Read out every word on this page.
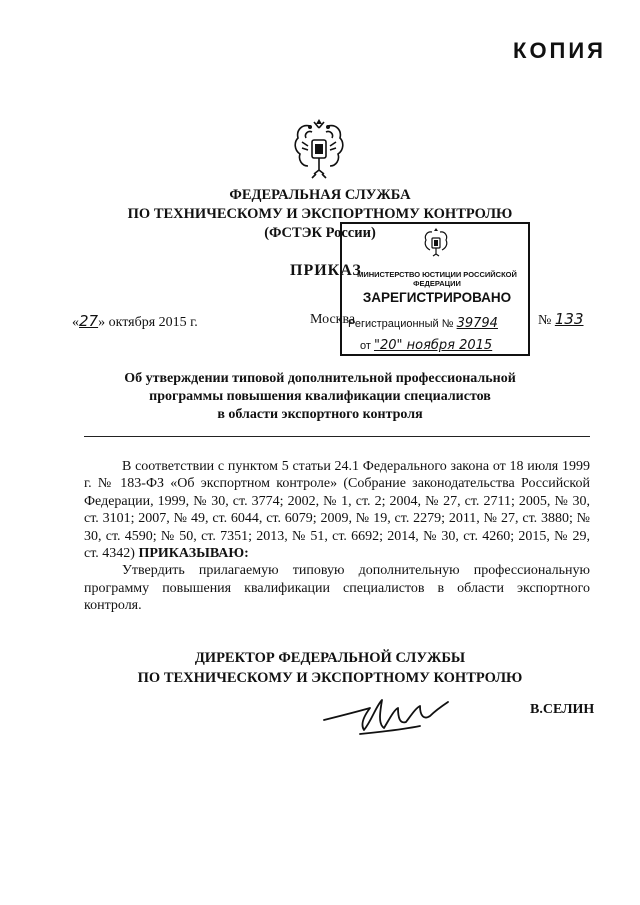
КОПИЯ
ФЕДЕРАЛЬНАЯ СЛУЖБА
ПО ТЕХНИЧЕСКОМУ И ЭКСПОРТНОМУ КОНТРОЛЮ
(ФСТЭК России)
ПРИКАЗ
«27» октября 2015 г.	Москва	№ 133
МИНИСТЕРСТВО ЮСТИЦИИ РОССИЙСКОЙ ФЕДЕРАЦИИ
ЗАРЕГИСТРИРОВАНО
Регистрационный № 39794
от "20" ноября 2015
Об утверждении типовой дополнительной профессиональной
программы повышения квалификации специалистов
в области экспортного контроля

В соответствии с пунктом 5 статьи 24.1 Федерального закона от 18 июля 1999 г. № 183-ФЗ «Об экспортном контроле» (Собрание законодательства Российской Федерации, 1999, № 30, ст. 3774; 2002, № 1, ст. 2; 2004, № 27, ст. 2711; 2005, № 30, ст. 3101; 2007, № 49, ст. 6044, ст. 6079; 2009, № 19, ст. 2279; 2011, № 27, ст. 3880; № 30, ст. 4590; № 50, ст. 7351; 2013, № 51, ст. 6692; 2014, № 30, ст. 4260; 2015, № 29, ст. 4342) ПРИКАЗЫВАЮ:

Утвердить прилагаемую типовую дополнительную профессиональную программу повышения квалификации специалистов в области экспортного контроля.

ДИРЕКТОР ФЕДЕРАЛЬНОЙ СЛУЖБЫ
ПО ТЕХНИЧЕСКОМУ И ЭКСПОРТНОМУ КОНТРОЛЮ
В.СЕЛИН
